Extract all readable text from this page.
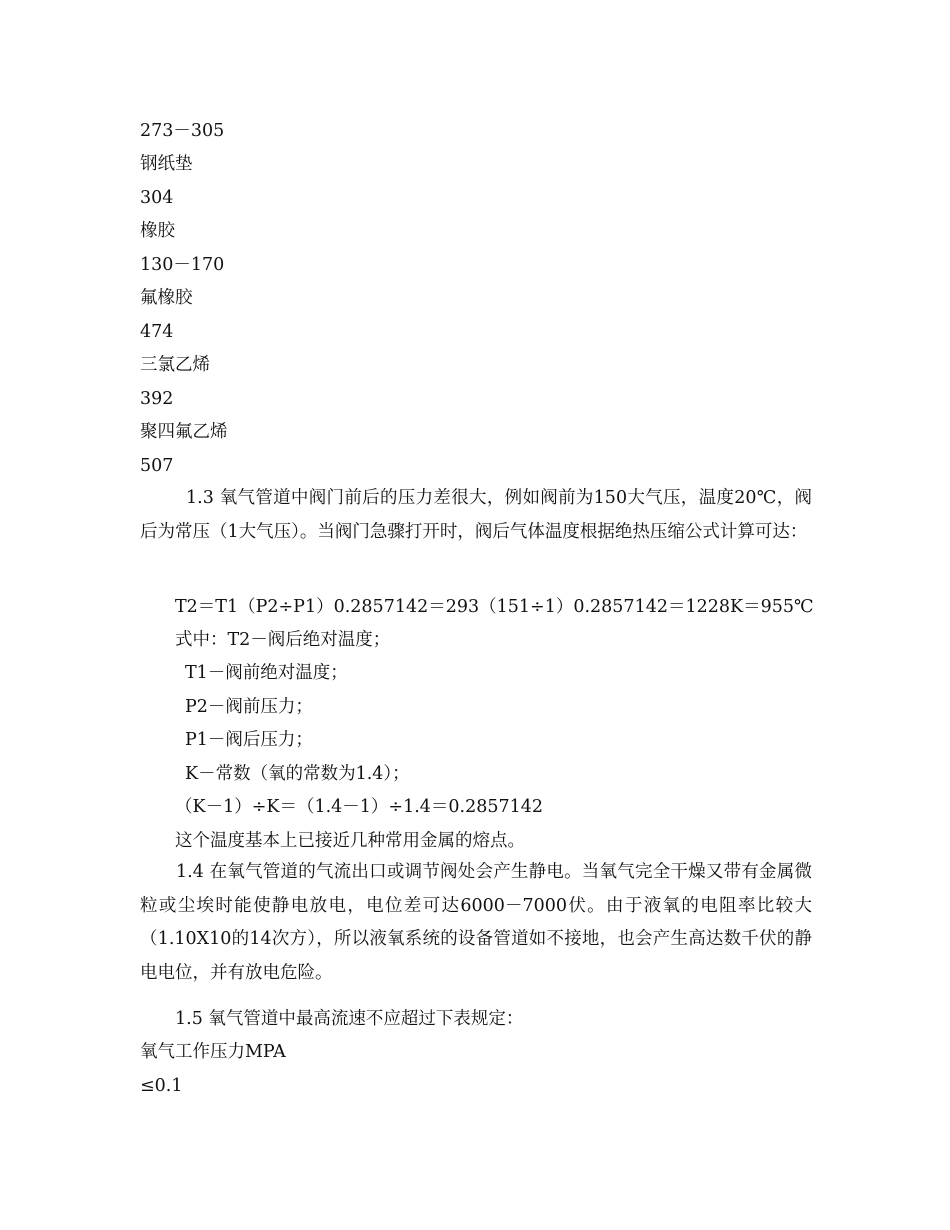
273－305
钢纸垫
304
橡胶
130－170
氟橡胶
474
三氯乙烯
392
聚四氟乙烯
507
1.3 氧气管道中阀门前后的压力差很大，例如阀前为150大气压，温度20℃，阀后为常压（1大气压）。当阀门急骤打开时，阀后气体温度根据绝热压缩公式计算可达：
T2＝T1（P2÷P1）0.2857142＝293（151÷1）0.2857142＝1228K＝955℃
式中：T2－阀后绝对温度；
T1－阀前绝对温度；
P2－阀前压力；
P1－阀后压力；
K－常数（氧的常数为1.4）；
（K－1）÷K＝（1.4－1）÷1.4＝0.2857142
这个温度基本上已接近几种常用金属的熔点。
1.4 在氧气管道的气流出口或调节阀处会产生静电。当氧气完全干燥又带有金属微粒或尘埃时能使静电放电，电位差可达6000－7000伏。由于液氧的电阻率比较大（1.10X10的14次方），所以液氧系统的设备管道如不接地，也会产生高达数千伏的静电电位，并有放电危险。
1.5 氧气管道中最高流速不应超过下表规定：
氧气工作压力MPA
≤0.1
